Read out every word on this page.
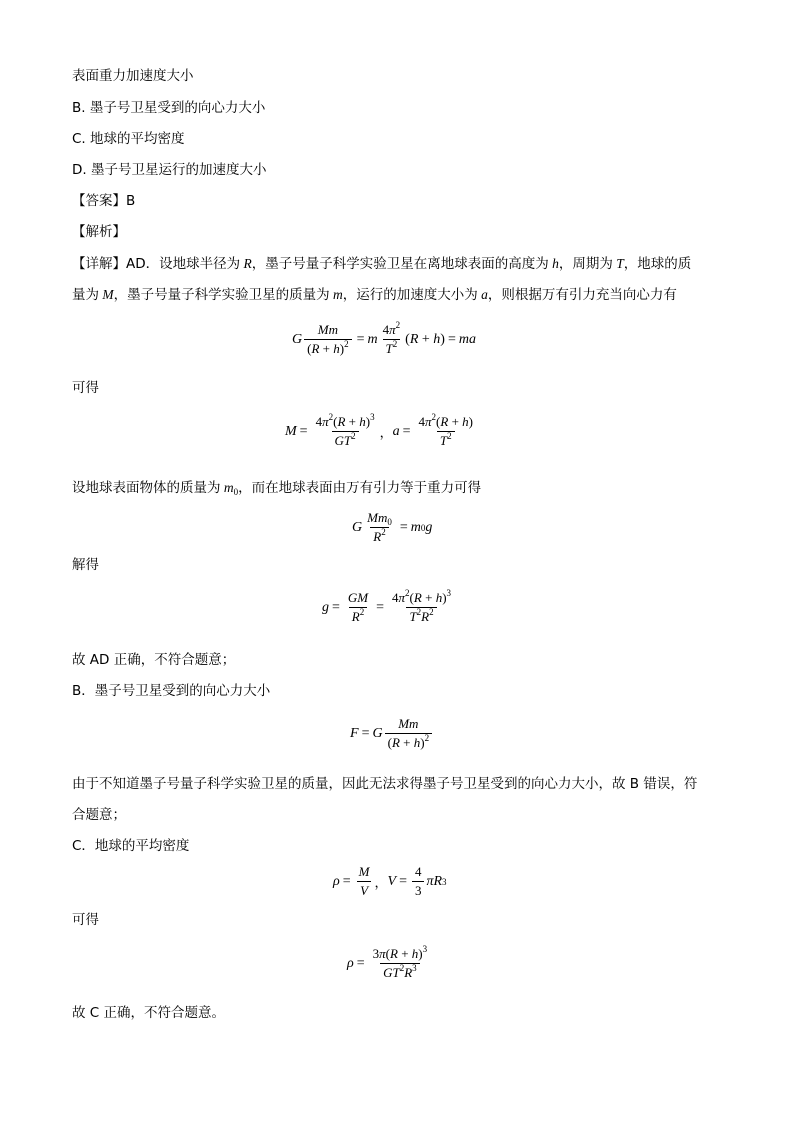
表面重力加速度大小
B. 墨子号卫星受到的向心力大小
C. 地球的平均密度
D. 墨子号卫星运行的加速度大小
【答案】B
【解析】
【详解】AD．设地球半径为 R，墨子号量子科学实验卫星在离地球表面的高度为 h，周期为 T，地球的质
量为 M，墨子号量子科学实验卫星的质量为 m，运行的加速度大小为 a，则根据万有引力充当向心力有
G $\frac{Mm}{(R + h)^2} = m \frac{4\pi^2}{T^2} (R + h)$ = ma
可得
$M = \frac{4\pi^2(R + h)^3}{GT^2}$ ， $a = \frac{4\pi^2(R + h)}{T^2}$
设地球表面物体的质量为 $m_0$，而在地球表面由万有引力等于重力可得
G $\frac{Mm_0}{R^2} = m$ 0 g
解得
$g = \frac{GM}{R^2} = \frac{4\pi^2(R + h)^3}{T^2R^2}$
故 AD 正确，不符合题意；
B．墨子号卫星受到的向心力大小
F = G $\frac{Mm}{(R + h)^2}$
由于不知道墨子号量子科学实验卫星的质量，因此无法求得墨子号卫星受到的向心力大小，故 B 错误，符
合题意；
C．地球的平均密度
$\rho = \frac{M}{V}$ ， $V = \frac{4}{3}$ πR 3
可得
$\rho = \frac{3\pi(R + h)^3}{GT^2R^3}$
故 C 正确，不符合题意。
